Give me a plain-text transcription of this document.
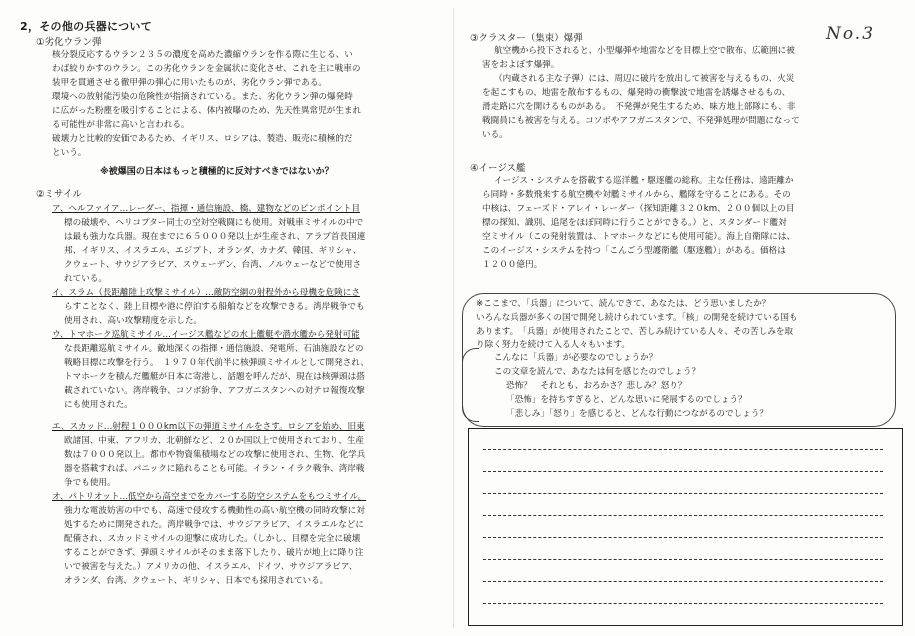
2，その他の兵器について
①劣化ウラン弾
核分裂反応するウラン２３５の濃度を高めた濃縮ウランを作る際に生じる、い
わば絞りかすのウラン。この劣化ウランを金属状に変化させ、これを主に戦車の
装甲を貫通させる徹甲弾の弾心に用いたものが、劣化ウラン弾である。
環境への放射能汚染の危険性が指摘されている。また、劣化ウラン弾の爆発時
に広がった粉塵を吸引することによる、体内被曝のため、先天性異常児が生まれ
る可能性が非常に高いと言われる。
破壊力と比較的安価であるため、イギリス、ロシアは、製造、販売に積極的だ
という。
※被爆国の日本はもっと積極的に反対すべきではないか？
②ミサイル
ア、ヘルファイア…レーダー、指揮・通信施設、橋、建物などのピンポイント目
標の破壊や、ヘリコプター同士の空対空戦闘にも使用。対戦車ミサイルの中で
は最も強力な兵器。現在までに６５０００発以上が生産され、アラブ首長国連
邦、イギリス、イスラエル、エジプト、オランダ、カナダ、韓国、ギリシャ、
クウェート、サウジアラビア、スウェーデン、台湾、ノルウェーなどで使用さ
れている。
イ、スラム（長距離陸上攻撃ミサイル）…敵防空網の射程外から母機を危険にさ
らすことなく、陸上目標や港に停泊する船舶などを攻撃できる。湾岸戦争でも
使用され、高い攻撃精度を示した。
ウ、トマホーク巡航ミサイル…イージス艦などの水上艦艇や潜水艦から発射可能
な長距離巡航ミサイル。敵地深くの指揮・通信施設、発電所、石油施設などの
戦略目標に攻撃を行う。　１９７０年代前半に核弾頭ミサイルとして開発され、
トマホークを積んだ艦艇が日本に寄港し、話題を呼んだが、現在は核弾頭は搭
載されていない。湾岸戦争、コソボ紛争、アフガニスタンへの対テロ報復攻撃
にも使用された。
エ、スカッド…射程１０００km以下の弾道ミサイルをさす。ロシアを始め、旧東
欧諸国、中東、アフリカ、北朝鮮など、２０か国以上で使用されており、生産
数は７０００発以上。都市や物資集積場などの攻撃に使用され、生物、化学兵
器を搭載すれば、パニックに陥れることも可能。イラン・イラク戦争、湾岸戦
争でも使用。
オ、パトリオット…低空から高空までをカバーする防空システムをもつミサイル。
強力な電波妨害の中でも、高速で侵攻する機動性の高い航空機の同時攻撃に対
処するために開発された。湾岸戦争では、サウジアラビア、イスラエルなどに
配備され、スカッドミサイルの迎撃に成功した。（しかし、目標を完全に破壊
することができず、弾頭ミサイルがそのまま落下したり、破片が地上に降り注
いで被害を与えた。）アメリカの他、イスラエル、ドイツ、サウジアラビア、
オランダ、台湾、クウェート、ギリシャ、日本でも採用されている。
No.3
③クラスター（集束）爆弾
航空機から投下されると、小型爆弾や地雷などを目標上空で散布、広範囲に被
害をおよぼす爆弾。
（内蔵される主な子弾）には、周辺に破片を放出して被害を与えるもの、火災
を起こすもの、地雷を散布するもの、爆発時の衝撃波で地雷を誘爆させるもの、
滑走路に穴を開けるものがある。　不発弾が発生するため、味方地上部隊にも、非
戦闘員にも被害を与える。コソボやアフガニスタンで、不発弾処理が問題になって
いる。
④イージス艦
イージス・システムを搭載する巡洋艦・駆逐艦の総称。主な任務は、遠距離か
ら同時・多数飛来する航空機や対艦ミサイルから、艦隊を守ることにある。その
中核は、フェーズド・アレイ・レーダー（探知距離３２０km、２００個以上の目
標の探知、識別、追尾をほぼ同時に行うことができる。）と、スタンダード艦対
空ミサイル（この発射装置は、トマホークなどにも使用可能）。海上自衛隊には、
このイージス・システムを持つ「こんごう型護衛艦（駆逐艦）」がある。価格は
１２００億円。
※ここまで、「兵器」について、読んできて、あなたは、どう思いましたか？
いろんな兵器が多くの国で開発し続けられています。「核」の開発を続けている国も
あります。　「兵器」が使用されたことで、苦しみ続けている人々、その苦しみを取
り除く努力を続けて入る人々もいます。
こんなに「兵器」が必要なのでしょうか？
この文章を読んで、あなたは何を感じたのでしょう？
恐怖？　それとも、おろかさ？悲しみ？怒り？
「恐怖」を持ちすぎると、どんな思いに発展するのでしょう？
「悲しみ」「怒り」を感じると、どんな行動につながるのでしょう？
